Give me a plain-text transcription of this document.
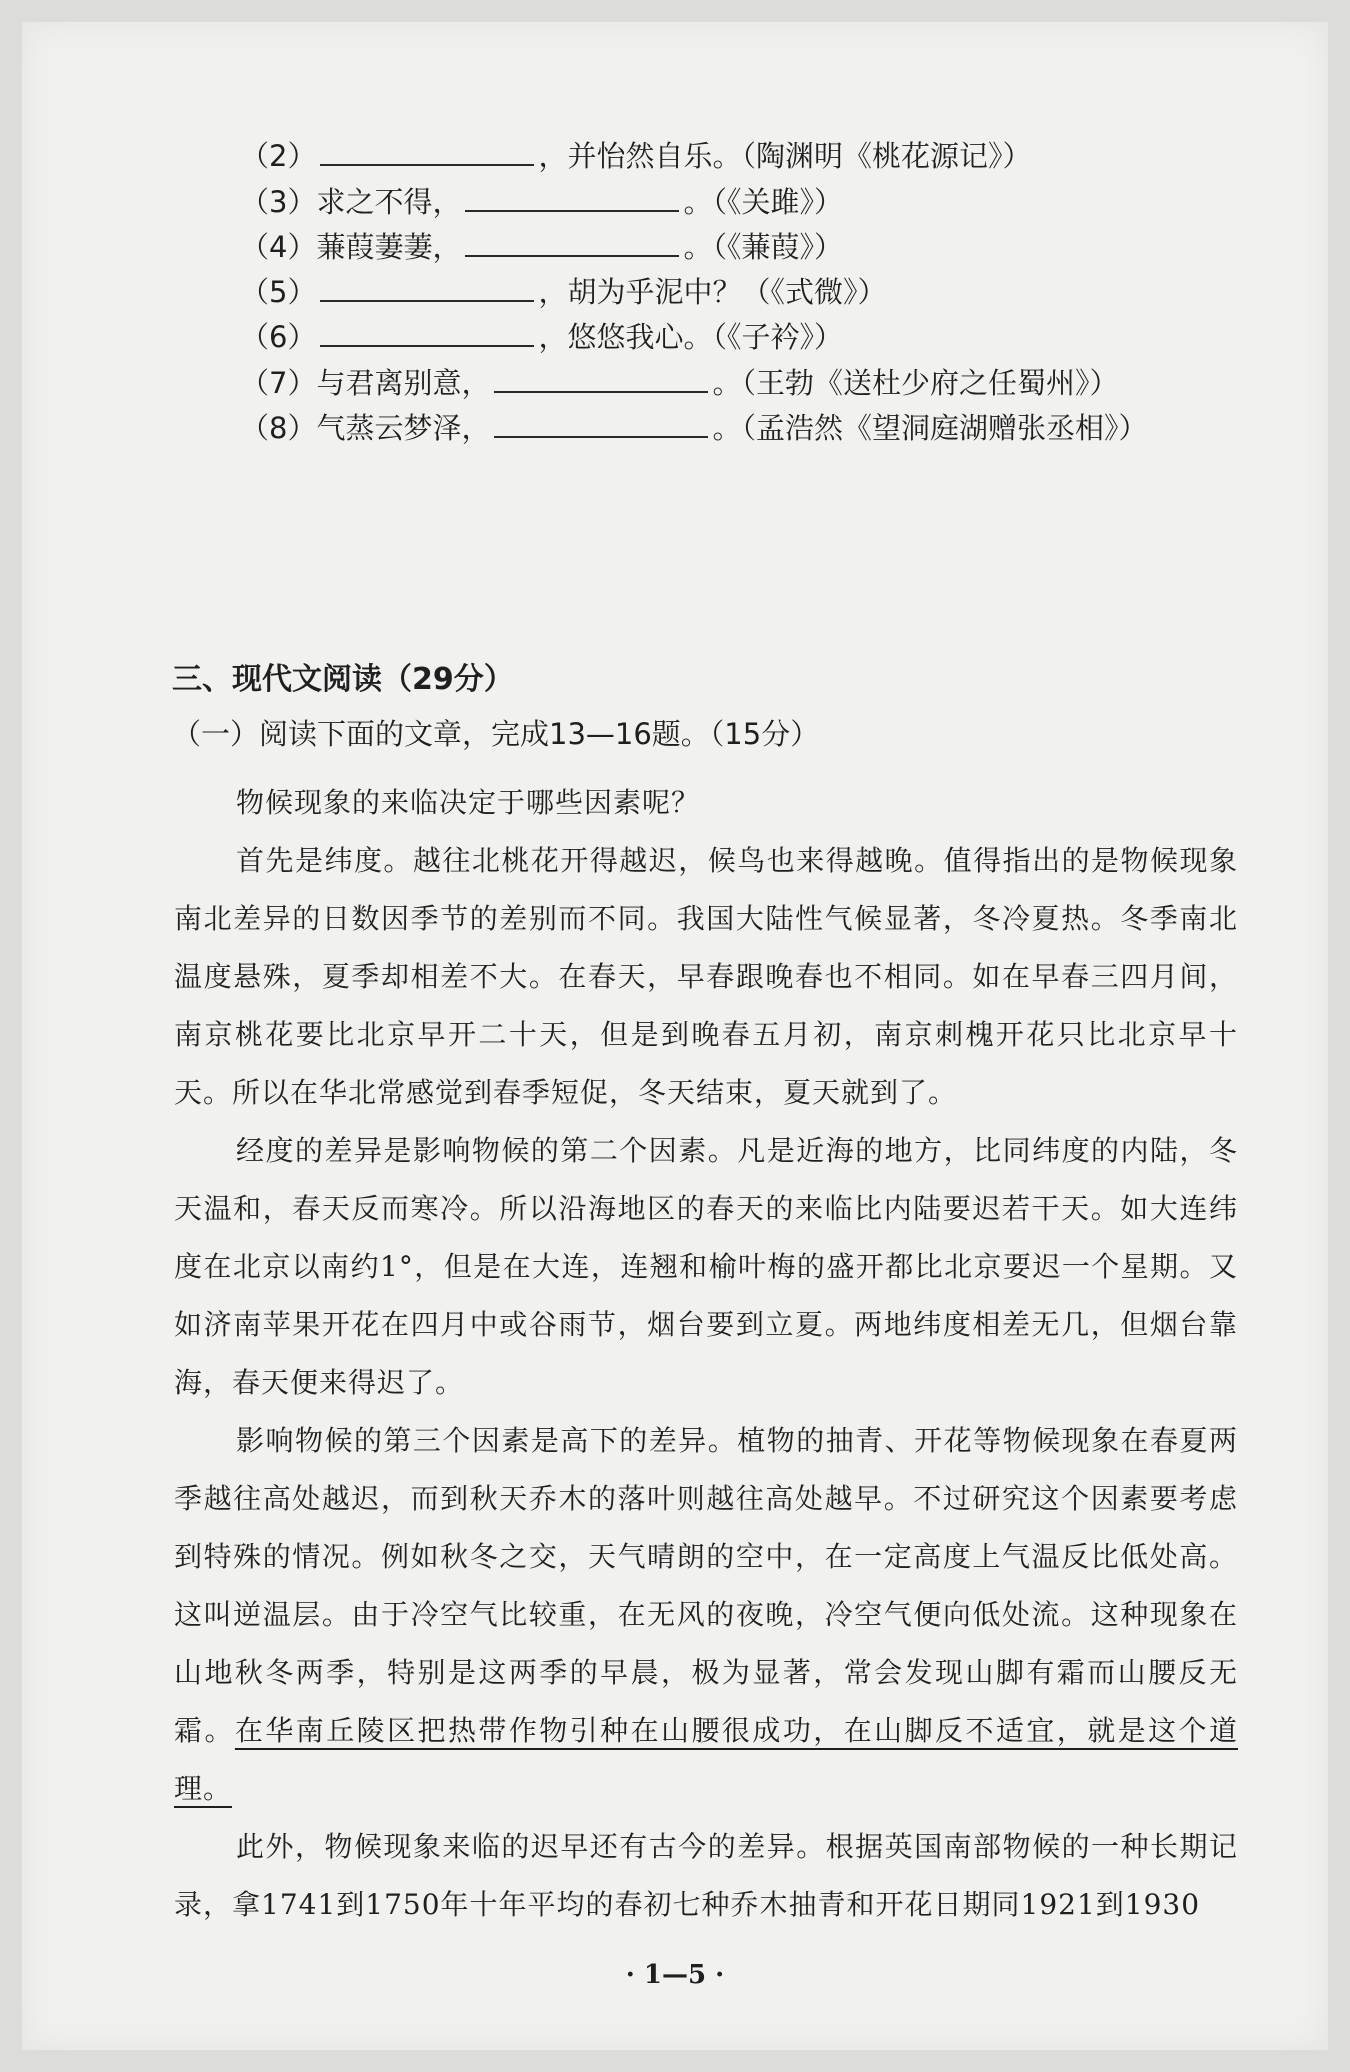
（2）	，并怡然自乐。（陶渊明《桃花源记》）
（3）求之不得，	。（《关雎》）
（4）蒹葭萋萋，	。（《蒹葭》）
（5）	，胡为乎泥中？（《式微》）
（6）	，悠悠我心。（《子衿》）
（7）与君离别意，	。（王勃《送杜少府之任蜀州》）
（8）气蒸云梦泽，	。（孟浩然《望洞庭湖赠张丞相》）
三、现代文阅读（29分）
（一）阅读下面的文章，完成13—16题。（15分）

物候现象的来临决定于哪些因素呢？

首先是纬度。越往北桃花开得越迟，候鸟也来得越晚。值得指出的是物候现象南北差异的日数因季节的差别而不同。我国大陆性气候显著，冬冷夏热。冬季南北温度悬殊，夏季却相差不大。在春天，早春跟晚春也不相同。如在早春三四月间，南京桃花要比北京早开二十天，但是到晚春五月初，南京刺槐开花只比北京早十天。所以在华北常感觉到春季短促，冬天结束，夏天就到了。

经度的差异是影响物候的第二个因素。凡是近海的地方，比同纬度的内陆，冬天温和，春天反而寒冷。所以沿海地区的春天的来临比内陆要迟若干天。如大连纬度在北京以南约1°，但是在大连，连翘和榆叶梅的盛开都比北京要迟一个星期。又如济南苹果开花在四月中或谷雨节，烟台要到立夏。两地纬度相差无几，但烟台靠海，春天便来得迟了。

影响物候的第三个因素是高下的差异。植物的抽青、开花等物候现象在春夏两季越往高处越迟，而到秋天乔木的落叶则越往高处越早。不过研究这个因素要考虑到特殊的情况。例如秋冬之交，天气晴朗的空中，在一定高度上气温反比低处高。这叫逆温层。由于冷空气比较重，在无风的夜晚，冷空气便向低处流。这种现象在山地秋冬两季，特别是这两季的早晨，极为显著，常会发现山脚有霜而山腰反无霜。在华南丘陵区把热带作物引种在山腰很成功，在山脚反不适宜，就是这个道理。

此外，物候现象来临的迟早还有古今的差异。根据英国南部物候的一种长期记录，拿1741到1750年十年平均的春初七种乔木抽青和开花日期同1921到1930

· 1—5 ·
